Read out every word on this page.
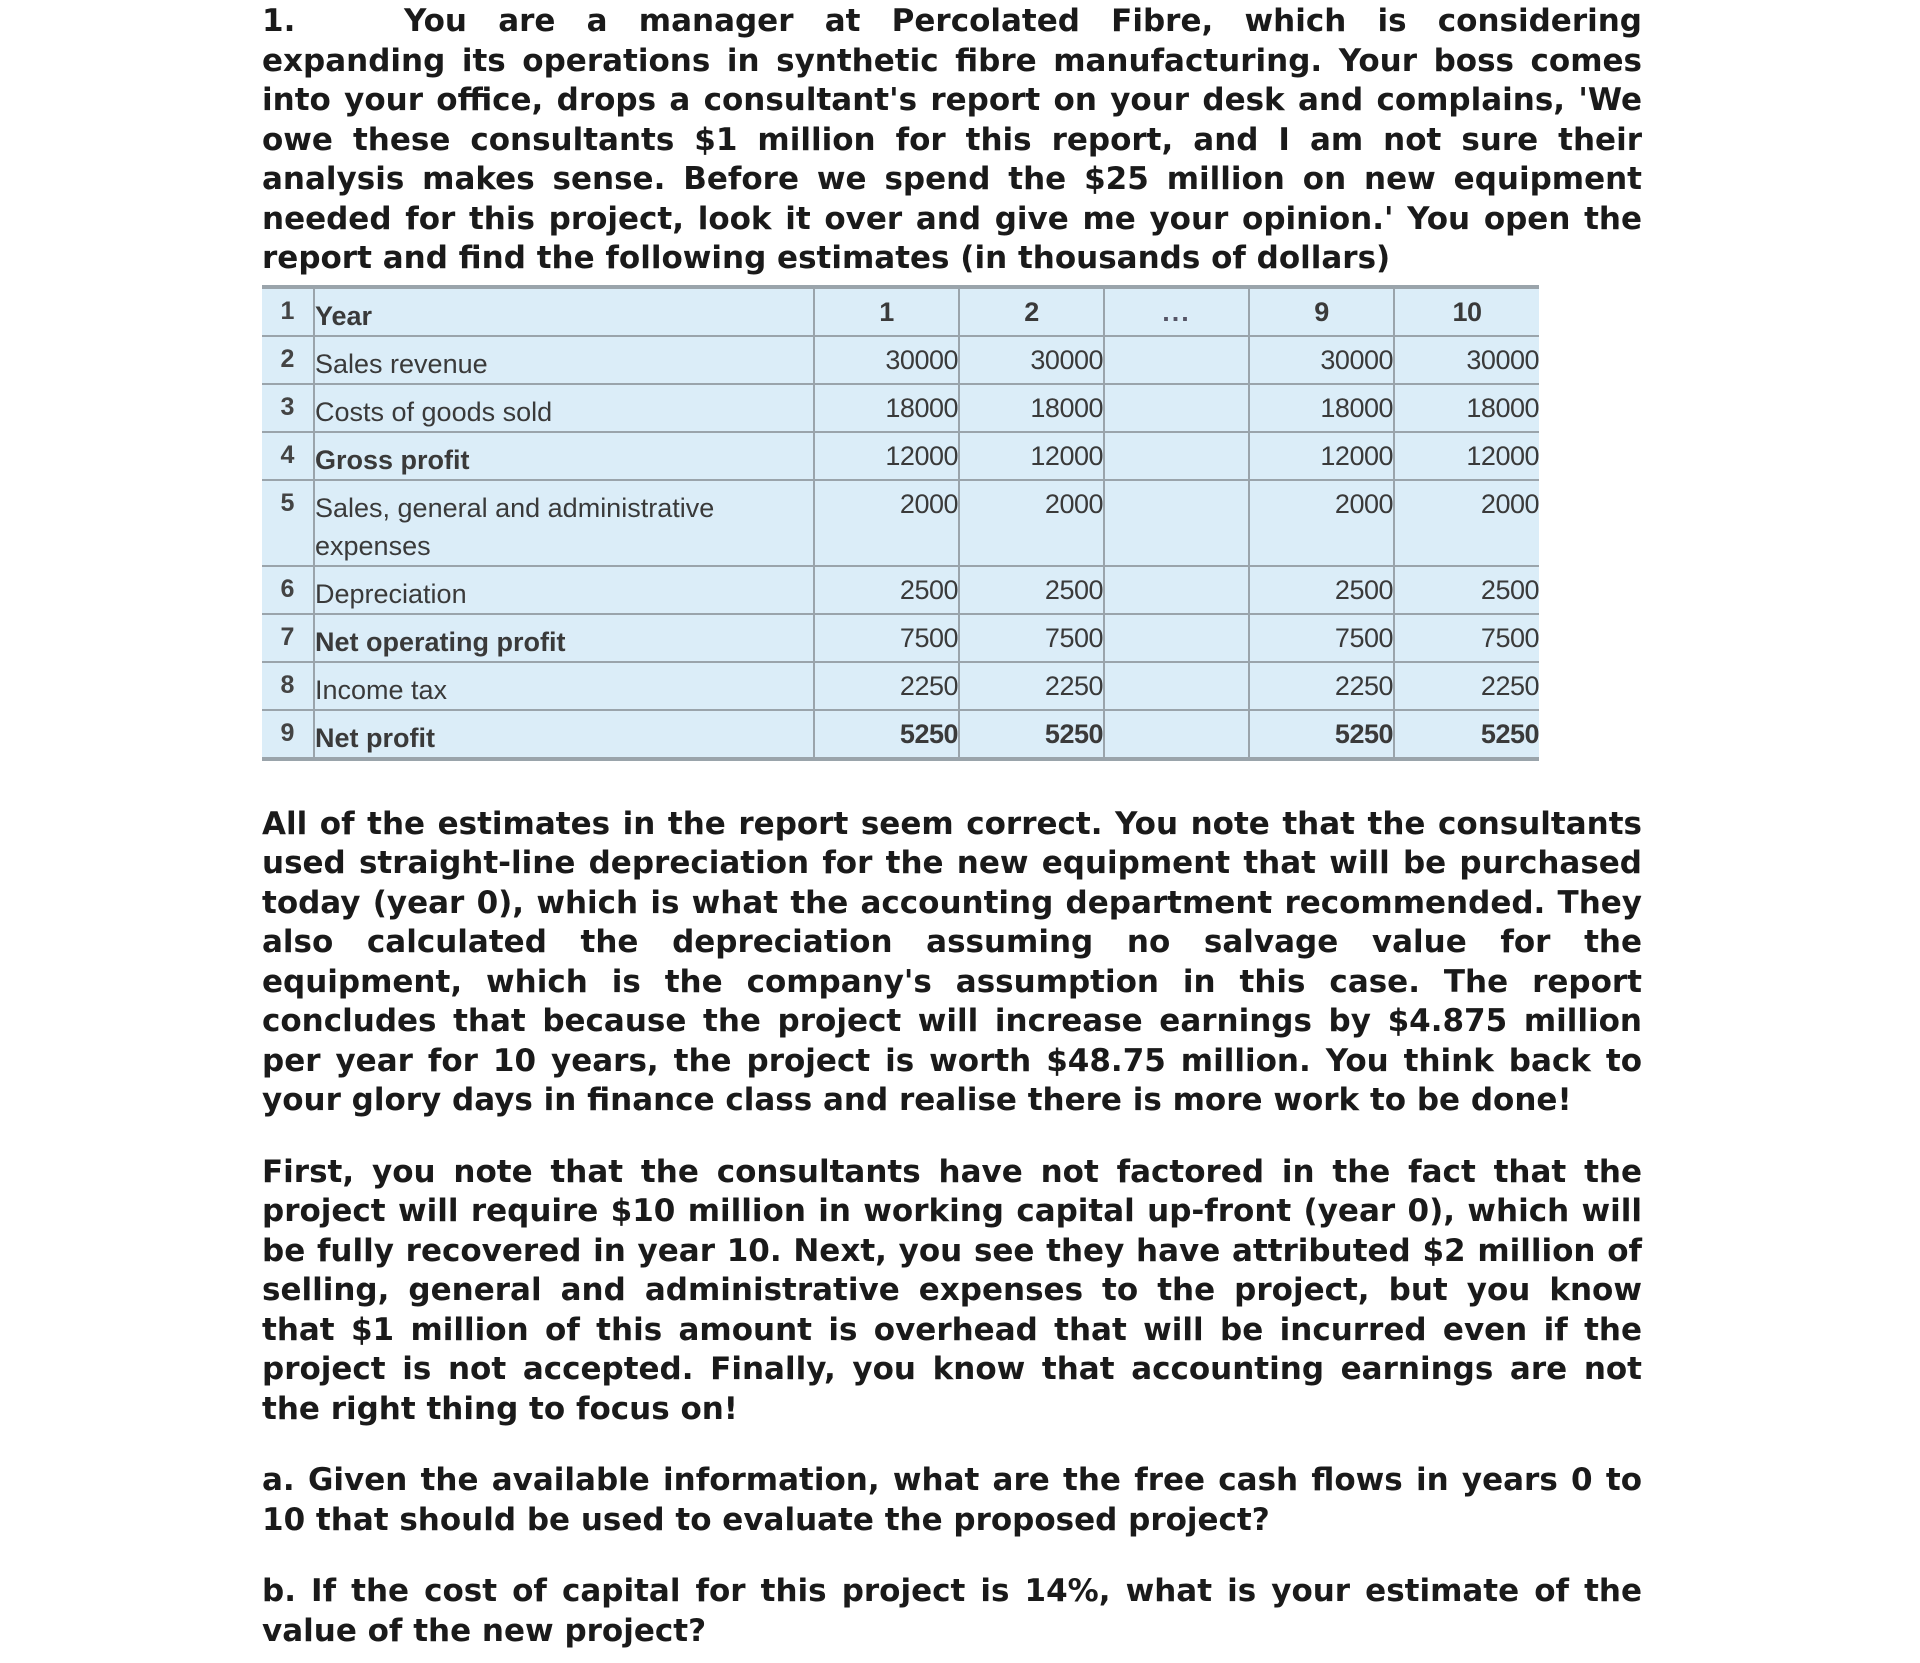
1.	You are a manager at Percolated Fibre, which is considering expanding its operations in synthetic fibre manufacturing. Your boss comes into your office, drops a consultant's report on your desk and complains, 'We owe these consultants $1 million for this report, and I am not sure their analysis makes sense. Before we spend the $25 million on new equipment needed for this project, look it over and give me your opinion.' You open the report and find the following estimates (in thousands of dollars)

1	Year	1	2	...	9	10
2	Sales revenue	30000	30000		30000	30000
3	Costs of goods sold	18000	18000		18000	18000
4	Gross profit	12000	12000		12000	12000
5	Sales, general and administrative expenses	2000	2000		2000	2000
6	Depreciation	2500	2500		2500	2500
7	Net operating profit	7500	7500		7500	7500
8	Income tax	2250	2250		2250	2250
9	Net profit	5250	5250		5250	5250

All of the estimates in the report seem correct. You note that the consultants used straight-line depreciation for the new equipment that will be purchased today (year 0), which is what the accounting department recommended. They also calculated the depreciation assuming no salvage value for the equipment, which is the company's assumption in this case. The report concludes that because the project will increase earnings by $4.875 million per year for 10 years, the project is worth $48.75 million. You think back to your glory days in finance class and realise there is more work to be done!

First, you note that the consultants have not factored in the fact that the project will require $10 million in working capital up-front (year 0), which will be fully recovered in year 10. Next, you see they have attributed $2 million of selling, general and administrative expenses to the project, but you know that $1 million of this amount is overhead that will be incurred even if the project is not accepted. Finally, you know that accounting earnings are not the right thing to focus on!

a. Given the available information, what are the free cash flows in years 0 to 10 that should be used to evaluate the proposed project?

b. If the cost of capital for this project is 14%, what is your estimate of the value of the new project?
